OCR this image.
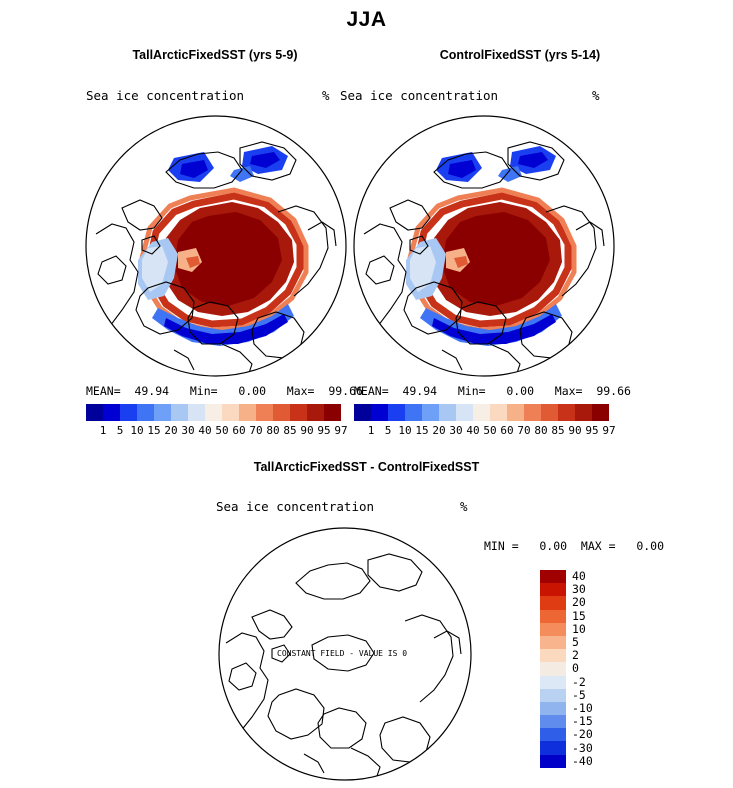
JJA
TallArcticFixedSST (yrs 5-9)
Sea ice concentration	%
MEAN=  49.94   Min=   0.00   Max=  99.66
1 5 10 15 20 30 40 50 60 70 80 85 90 95 97
ControlFixedSST (yrs 5-14)
Sea ice concentration	%
MEAN=  49.94   Min=   0.00   Max=  99.66
1 5 10 15 20 30 40 50 60 70 80 85 90 95 97
TallArcticFixedSST - ControlFixedSST
Sea ice concentration	%
MIN =   0.00  MAX =   0.00
CONSTANT FIELD - VALUE IS 0
40
30
20
15
10
5
2
0
-2
-5
-10
-15
-20
-30
-40
